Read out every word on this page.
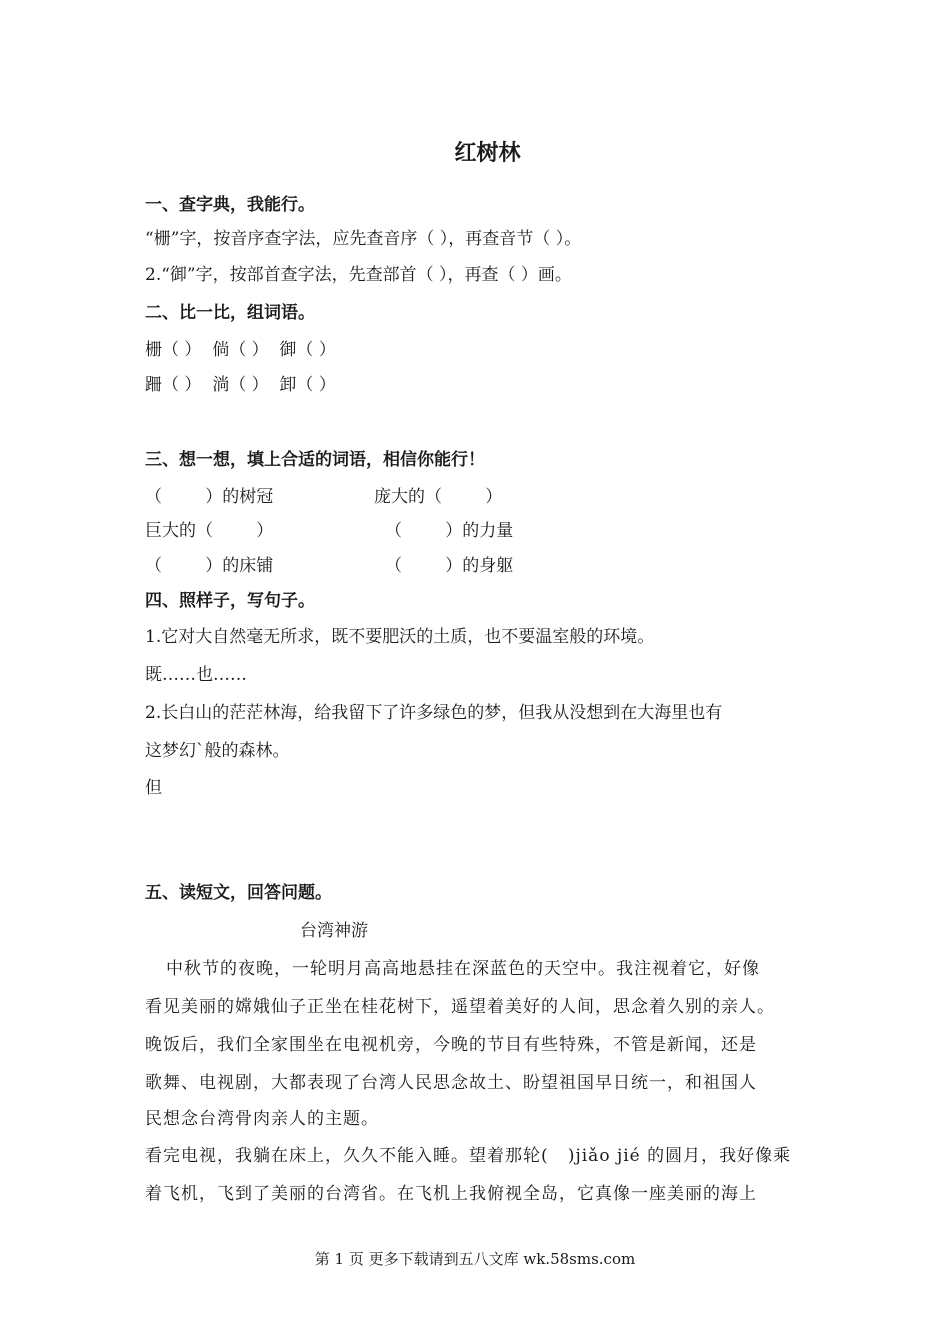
红树林
一、查字典，我能行。
“栅”字，按音序查字法，应先查音序（ ），再查音节（ ）。
2.“御”字，按部首查字法，先查部首（ ），再查（ ）画。
二、比一比，组词语。
栅（ ）  倘（ ）  御（ ）
跚（ ）  淌（ ）  卸（ ）
三、想一想，填上合适的词语，相信你能行！
（        ）的树冠	庞大的（        ）
巨大的（        ）	（        ）的力量
（        ）的床铺	（        ）的身躯
四、照样子，写句子。
1.它对大自然毫无所求，既不要肥沃的土质，也不要温室般的环境。
既……也……
2.长白山的茫茫林海，给我留下了许多绿色的梦，但我从没想到在大海里也有
这梦幻`般的森林。
但
五、读短文，回答问题。
台湾神游
中秋节的夜晚，一轮明月高高地悬挂在深蓝色的天空中。我注视着它，好像
看见美丽的嫦娥仙子正坐在桂花树下，遥望着美好的人间，思念着久别的亲人。
晚饭后，我们全家围坐在电视机旁，今晚的节目有些特殊，不管是新闻，还是
歌舞、电视剧，大都表现了台湾人民思念故土、盼望祖国早日统一，和祖国人
民想念台湾骨肉亲人的主题。
看完电视，我躺在床上，久久不能入睡。望着那轮(   )jiǎo jié 的圆月，我好像乘
着飞机，飞到了美丽的台湾省。在飞机上我俯视全岛，它真像一座美丽的海上
第 1 页 更多下载请到五八文库 wk.58sms.com
